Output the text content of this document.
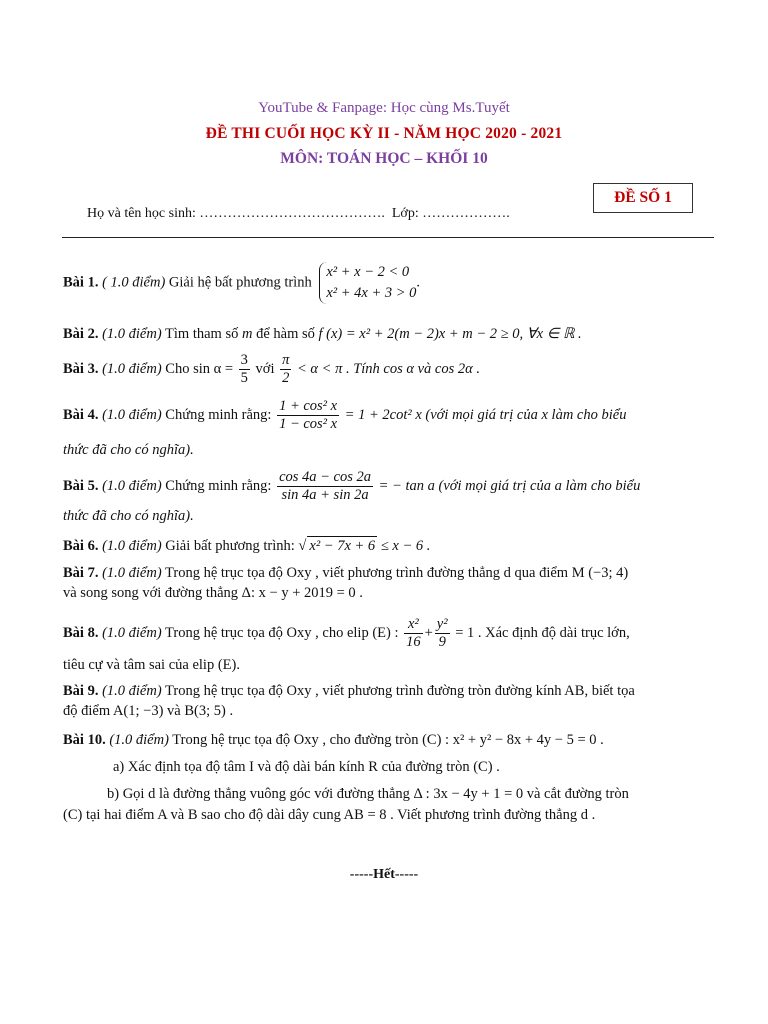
YouTube & Fanpage: Học cùng Ms.Tuyết
ĐỀ THI CUỐI HỌC KỲ II - NĂM HỌC 2020 - 2021
MÔN: TOÁN HỌC – KHỐI 10
ĐỀ SỐ 1
Họ và tên học sinh: ………………………………….  Lớp: ……………….
Bài 1. ( 1.0 điểm) Giải hệ bất phương trình
x² + x − 2 < 0
x² + 4x + 3 > 0
.
Bài 2. (1.0 điểm) Tìm tham số m để hàm số f (x) = x² + 2(m − 2)x + m − 2 ≥ 0, ∀x ∈ ℝ .
Bài 3. (1.0 điểm) Cho $\sin \alpha = \frac{3}{5}$ với $\frac{\pi}{2} < \alpha < \pi$ . Tính cos α và cos 2α .
Bài 4. (1.0 điểm) Chứng minh rằng: $\frac{\text{1 + cos² x}}{\text{1 − cos² x}} = 1 + 2\cot^2$ x (với mọi giá trị của x làm cho biểu
thức đã cho có nghĩa).
Bài 5. (1.0 điểm) Chứng minh rằng: $\frac{\cos 4a - \cos 2a}{\sin 4a + \sin 2a}$ = − tan a (với mọi giá trị của a làm cho biểu
thức đã cho có nghĩa).
Bài 6. (1.0 điểm) Giải bất phương trình: √ x² − 7x + 6 ≤ x − 6 .
Bài 7. (1.0 điểm) Trong hệ trục tọa độ Oxy , viết phương trình đường thẳng d qua điểm M (−3; 4)
và song song với đường thẳng Δ: x − y + 2019 = 0 .
Bài 8. (1.0 điểm) Trong hệ trục tọa độ Oxy , cho elip (E) : $\frac{\text{x²}}{16} + \frac{\text{y²}}{9} = 1$ . Xác định độ dài trục lớn,
tiêu cự và tâm sai của elip (E).
Bài 9. (1.0 điểm) Trong hệ trục tọa độ Oxy , viết phương trình đường tròn đường kính AB, biết tọa
độ điểm A(1; −3) và B(3; 5) .
Bài 10. (1.0 điểm) Trong hệ trục tọa độ Oxy , cho đường tròn (C) : x² + y² − 8x + 4y − 5 = 0 .
a) Xác định tọa độ tâm I và độ dài bán kính R của đường tròn (C) .
b) Gọi d là đường thẳng vuông góc với đường thẳng Δ : 3x − 4y + 1 = 0 và cắt đường tròn
(C) tại hai điểm A và B sao cho độ dài dây cung AB = 8 . Viết phương trình đường thẳng d .
-----Hết-----
